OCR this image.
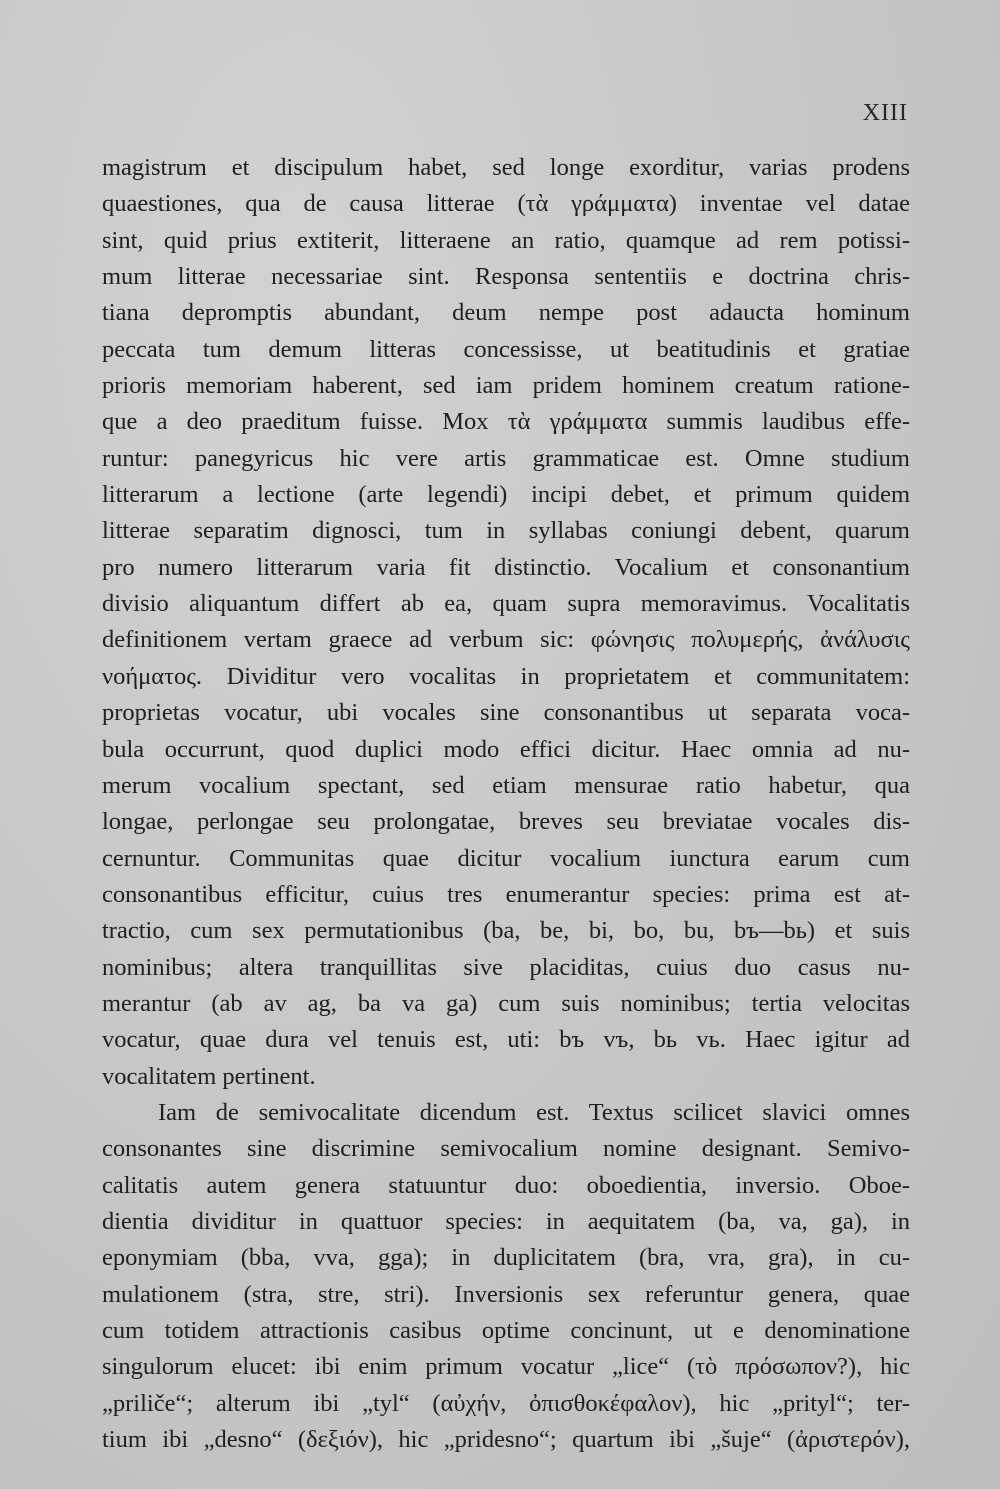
XIII
magistrum et discipulum habet, sed longe exorditur, varias prodens
quaestiones, qua de causa litterae (τὰ γράμματα) inventae vel datae
sint, quid prius extiterit, litteraene an ratio, quamque ad rem potissi-
mum litterae necessariae sint. Responsa sententiis e doctrina chris-
tiana depromptis abundant, deum nempe post adaucta hominum
peccata tum demum litteras concessisse, ut beatitudinis et gratiae
prioris memoriam haberent, sed iam pridem hominem creatum ratione-
que a deo praeditum fuisse. Mox τὰ γράμματα summis laudibus effe-
runtur: panegyricus hic vere artis grammaticae est. Omne studium
litterarum a lectione (arte legendi) incipi debet, et primum quidem
litterae separatim dignosci, tum in syllabas coniungi debent, quarum
pro numero litterarum varia fit distinctio. Vocalium et consonantium
divisio aliquantum differt ab ea, quam supra memoravimus. Vocalitatis
definitionem vertam graece ad verbum sic: φώνησις πολυμερής, ἀνάλυσις
νοήματος. Dividitur vero vocalitas in proprietatem et communitatem:
proprietas vocatur, ubi vocales sine consonantibus ut separata voca-
bula occurrunt, quod duplici modo effici dicitur. Haec omnia ad nu-
merum vocalium spectant, sed etiam mensurae ratio habetur, qua
longae, perlongae seu prolongatae, breves seu breviatae vocales dis-
cernuntur. Communitas quae dicitur vocalium iunctura earum cum
consonantibus efficitur, cuius tres enumerantur species: prima est at-
tractio, cum sex permutationibus (ba, be, bi, bo, bu, bъ—bь) et suis
nominibus; altera tranquillitas sive placiditas, cuius duo casus nu-
merantur (ab av ag, ba va ga) cum suis nominibus; tertia velocitas
vocatur, quae dura vel tenuis est, uti: bъ vъ, bь vь. Haec igitur ad
vocalitatem pertinent.
Iam de semivocalitate dicendum est. Textus scilicet slavici omnes
consonantes sine discrimine semivocalium nomine designant. Semivo-
calitatis autem genera statuuntur duo: oboedientia, inversio. Oboe-
dientia dividitur in quattuor species: in aequitatem (ba, va, ga), in
eponymiam (bba, vva, gga); in duplicitatem (bra, vra, gra), in cu-
mulationem (stra, stre, stri). Inversionis sex referuntur genera, quae
cum totidem attractionis casibus optime concinunt, ut e denominatione
singulorum elucet: ibi enim primum vocatur „lice“ (τὸ πρόσωπον?), hic
„priliče“; alterum ibi „tyl“ (αὐχήν, ὀπισθοκέφαλον), hic „prityl“; ter-
tium ibi „desno“ (δεξιόν), hic „pridesno“; quartum ibi „šuje“ (ἀριστερόν),
